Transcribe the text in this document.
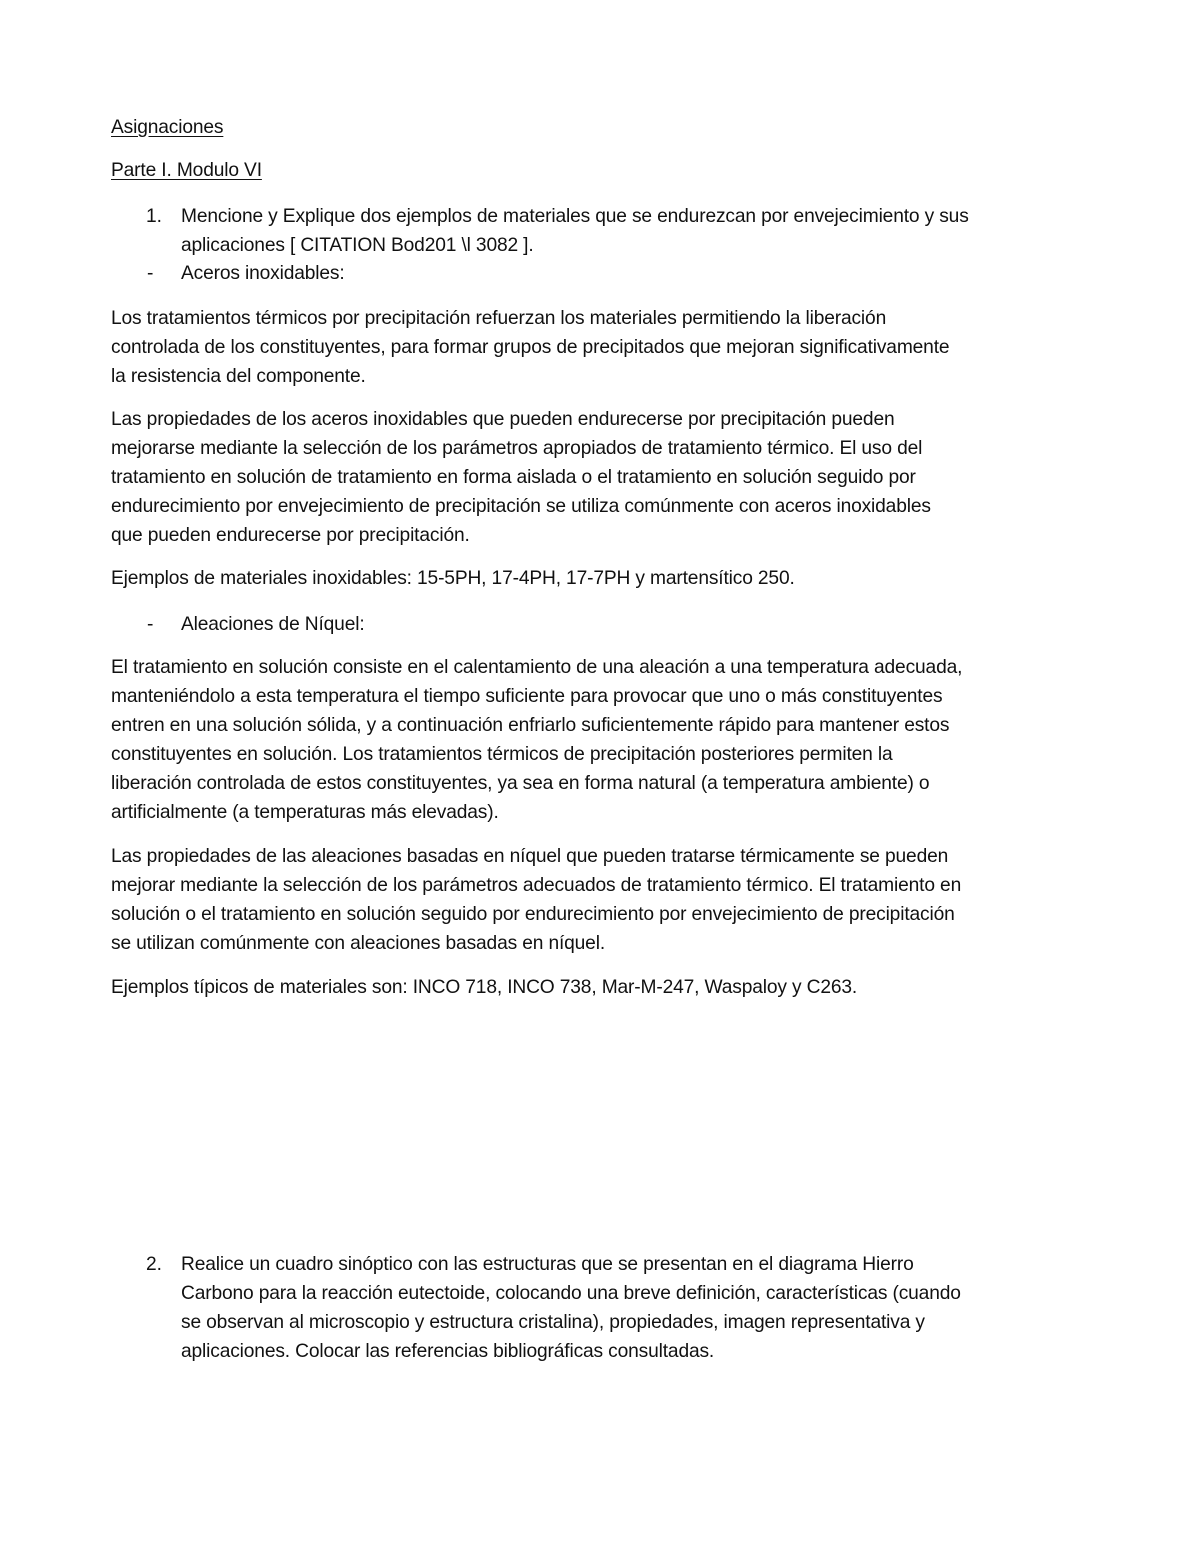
Asignaciones
Parte I. Modulo VI
1. Mencione y Explique dos ejemplos de materiales que se endurezcan por envejecimiento y sus
aplicaciones [ CITATION Bod201 \l 3082 ].
- Aceros inoxidables:
Los tratamientos térmicos por precipitación refuerzan los materiales permitiendo la liberación
controlada de los constituyentes, para formar grupos de precipitados que mejoran significativamente
la resistencia del componente.
Las propiedades de los aceros inoxidables que pueden endurecerse por precipitación pueden
mejorarse mediante la selección de los parámetros apropiados de tratamiento térmico. El uso del
tratamiento en solución de tratamiento en forma aislada o el tratamiento en solución seguido por
endurecimiento por envejecimiento de precipitación se utiliza comúnmente con aceros inoxidables
que pueden endurecerse por precipitación.
Ejemplos de materiales inoxidables: 15-5PH, 17-4PH, 17-7PH y martensítico 250.
- Aleaciones de Níquel:
El tratamiento en solución consiste en el calentamiento de una aleación a una temperatura adecuada,
manteniéndolo a esta temperatura el tiempo suficiente para provocar que uno o más constituyentes
entren en una solución sólida, y a continuación enfriarlo suficientemente rápido para mantener estos
constituyentes en solución. Los tratamientos térmicos de precipitación posteriores permiten la
liberación controlada de estos constituyentes, ya sea en forma natural (a temperatura ambiente) o
artificialmente (a temperaturas más elevadas).
Las propiedades de las aleaciones basadas en níquel que pueden tratarse térmicamente se pueden
mejorar mediante la selección de los parámetros adecuados de tratamiento térmico. El tratamiento en
solución o el tratamiento en solución seguido por endurecimiento por envejecimiento de precipitación
se utilizan comúnmente con aleaciones basadas en níquel.
Ejemplos típicos de materiales son: INCO 718, INCO 738, Mar-M-247, Waspaloy y C263.
2. Realice un cuadro sinóptico con las estructuras que se presentan en el diagrama Hierro
Carbono para la reacción eutectoide, colocando una breve definición, características (cuando
se observan al microscopio y estructura cristalina), propiedades, imagen representativa y
aplicaciones. Colocar las referencias bibliográficas consultadas.
